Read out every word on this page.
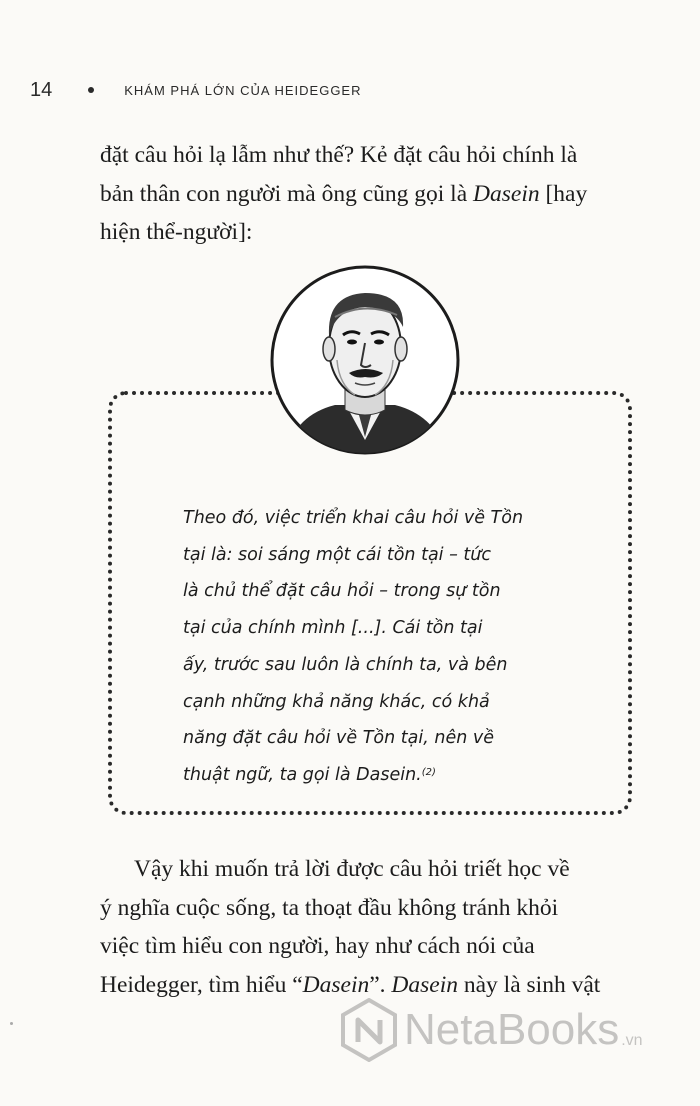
14	KHÁM PHÁ LỚN CỦA HEIDEGGER

đặt câu hỏi lạ lẫm như thế? Kẻ đặt câu hỏi chính là
bản thân con người mà ông cũng gọi là Dasein [hay
hiện thể-người]:

Theo đó, việc triển khai câu hỏi về Tồn
tại là: soi sáng một cái tồn tại – tức
là chủ thể đặt câu hỏi – trong sự tồn
tại của chính mình [...]. Cái tồn tại
ấy, trước sau luôn là chính ta, và bên
cạnh những khả năng khác, có khả
năng đặt câu hỏi về Tồn tại, nên về
thuật ngữ, ta gọi là Dasein.$^{(2)}$

Vậy khi muốn trả lời được câu hỏi triết học về
ý nghĩa cuộc sống, ta thoạt đầu không tránh khỏi
việc tìm hiểu con người, hay như cách nói của
Heidegger, tìm hiểu “Dasein”. Dasein này là sinh vật

NetaBooks .vn
